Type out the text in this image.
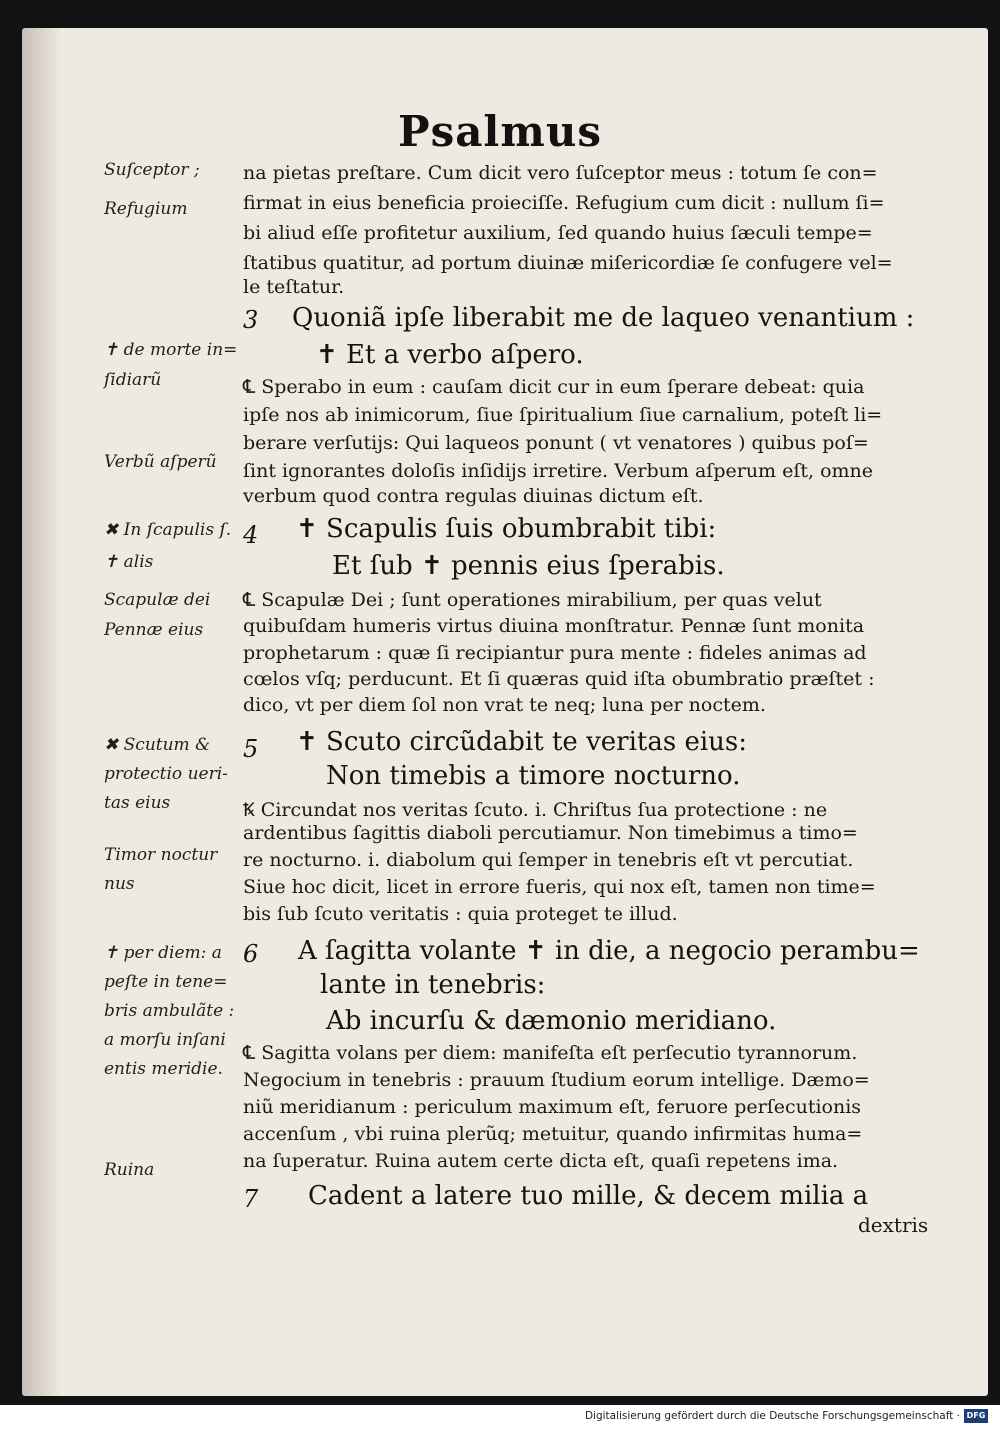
Psalmus
Suſceptor ;
Refugium
✝ de morte in=
ſidiarũ
Verbũ aſperũ
✖ In ſcapulis ſ.
✝ alis
Scapulæ dei
Pennæ eius
✖ Scutum &
protectio ueri-
tas eius
Timor noctur
nus
✝ per diem: a
peſte in tene=
bris ambulãte :
a morſu inſani
entis meridie.
Ruina
na pietas preſtare. Cum dicit vero ſuſceptor meus : totum ſe con=
firmat in eius beneficia proieciſſe. Refugium cum dicit : nullum ſi=
bi aliud eſſe profitetur auxilium, ſed quando huius ſæculi tempe=
ſtatibus quatitur, ad portum diuinæ miſericordiæ ſe confugere vel=
le teſtatur.
3 Quoniã ipſe liberabit me de laqueo venantium :
✝ Et a verbo aſpero.
℄ Sperabo in eum : cauſam dicit cur in eum ſperare debeat: quia
ipſe nos ab inimicorum, ſiue ſpiritualium ſiue carnalium, poteſt li=
berare verſutijs: Qui laqueos ponunt ( vt venatores ) quibus poſ=
ſint ignorantes doloſis inſidijs irretire. Verbum aſperum eſt, omne
verbum quod contra regulas diuinas dictum eſt.
4 ✝ Scapulis ſuis obumbrabit tibi:
Et ſub ✝ pennis eius ſperabis.
℄ Scapulæ Dei ; ſunt operationes mirabilium, per quas velut
quibuſdam humeris virtus diuina monſtratur. Pennæ ſunt monita
prophetarum : quæ ſi recipiantur pura mente : fideles animas ad
cœlos vſq; perducunt. Et ſi quæras quid iſta obumbratio præſtet :
dico, vt per diem ſol non vrat te neq; luna per noctem.
5 ✝ Scuto circũdabit te veritas eius:
Non timebis a timore nocturno.
Ꝅ Circundat nos veritas ſcuto. i. Chriſtus ſua protectione : ne
ardentibus ſagittis diaboli percutiamur. Non timebimus a timo=
re nocturno. i. diabolum qui ſemper in tenebris eſt vt percutiat.
Siue hoc dicit, licet in errore fueris, qui nox eſt, tamen non time=
bis ſub ſcuto veritatis : quia proteget te illud.
6 A ſagitta volante ✝ in die, a negocio perambu=
lante in tenebris:
Ab incurſu & dæmonio meridiano.
℄ Sagitta volans per diem: manifeſta eſt perſecutio tyrannorum.
Negocium in tenebris : prauum ſtudium eorum intellige. Dæmo=
niũ meridianum : periculum maximum eſt, feruore perſecutionis
accenſum , vbi ruina plerũq; metuitur, quando infirmitas huma=
na ſuperatur. Ruina autem certe dicta eſt, quaſi repetens ima.
7 Cadent a latere tuo mille, & decem milia a
dextris
Digitalisierung gefördert durch die Deutsche Forschungsgemeinschaft · DFG
